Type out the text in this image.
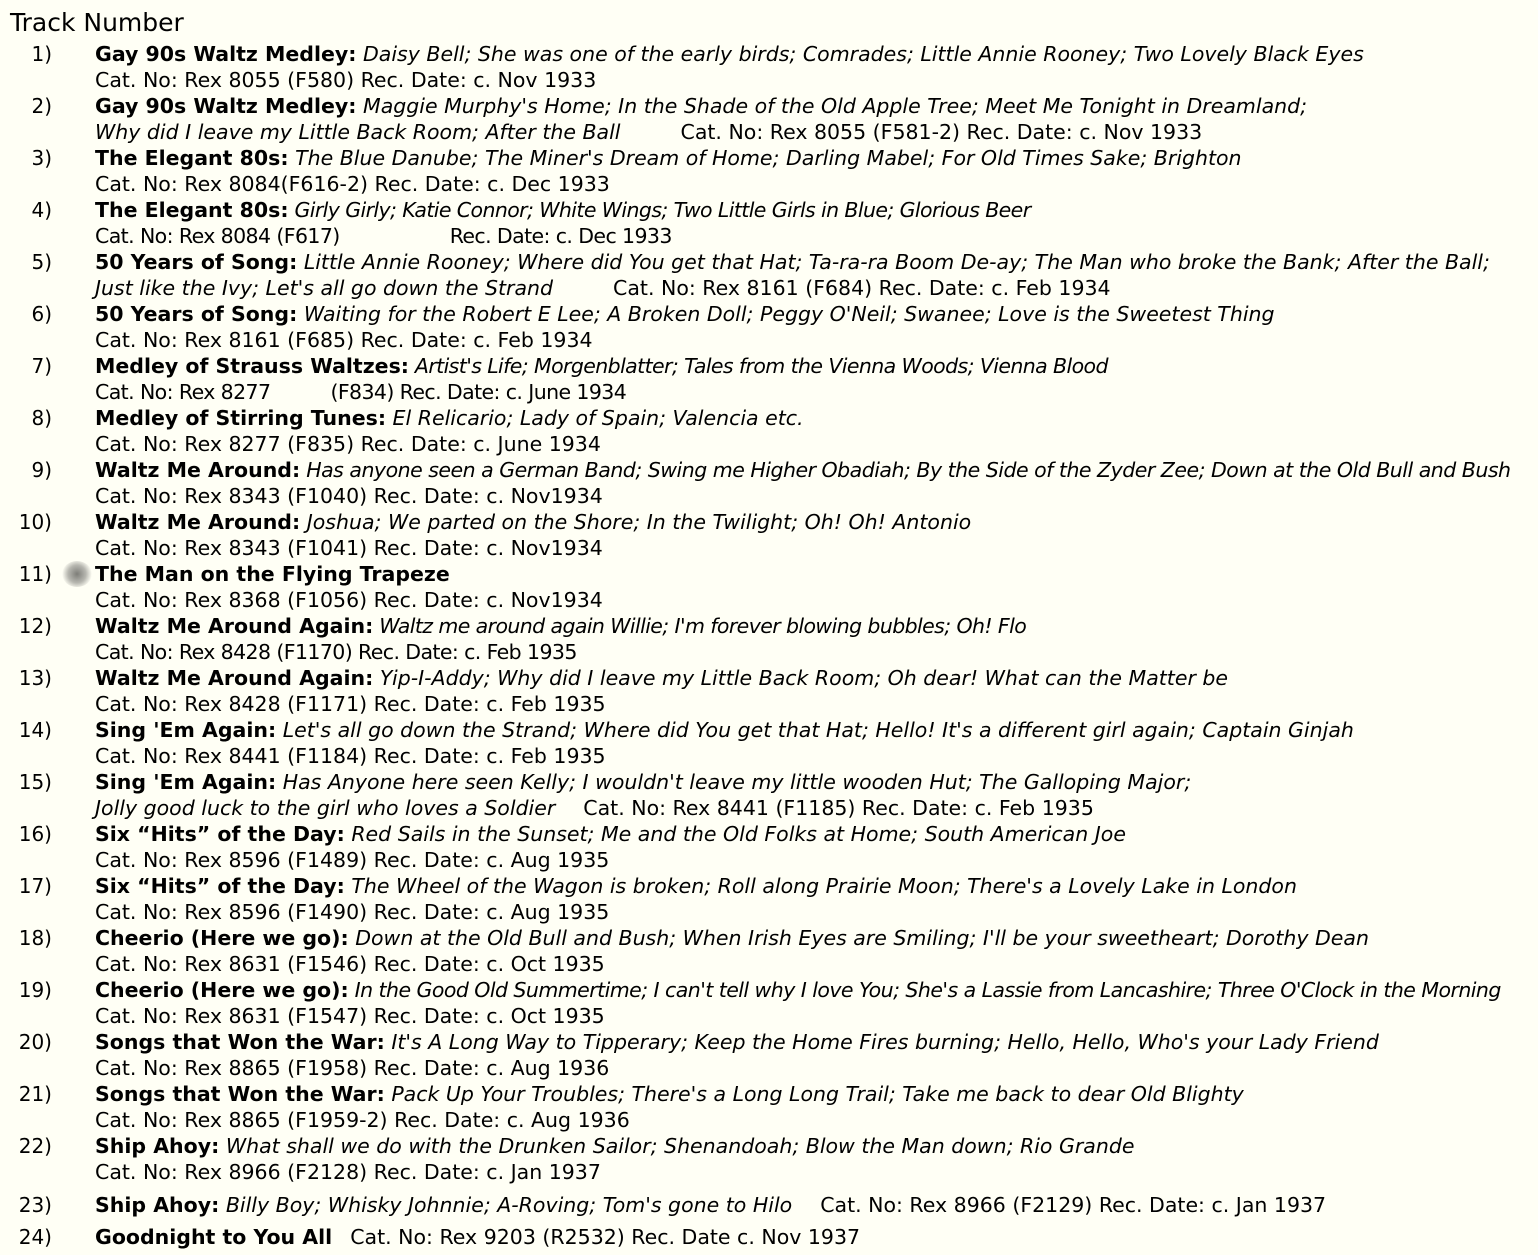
Track Number
1) Gay 90s Waltz Medley: Daisy Bell; She was one of the early birds; Comrades; Little Annie Rooney; Two Lovely Black Eyes
Cat. No: Rex 8055 (F580) Rec. Date: c. Nov 1933
2) Gay 90s Waltz Medley: Maggie Murphy's Home; In the Shade of the Old Apple Tree; Meet Me Tonight in Dreamland;
Why did I leave my Little Back Room; After the Ball	Cat. No: Rex 8055 (F581-2) Rec. Date: c. Nov 1933
3) The Elegant 80s: The Blue Danube; The Miner's Dream of Home; Darling Mabel; For Old Times Sake; Brighton
Cat. No: Rex 8084(F616-2) Rec. Date: c. Dec 1933
4) The Elegant 80s: Girly Girly; Katie Connor; White Wings; Two Little Girls in Blue; Glorious Beer
Cat. No: Rex 8084 (F617)	Rec. Date: c. Dec 1933
5) 50 Years of Song: Little Annie Rooney; Where did You get that Hat; Ta-ra-ra Boom De-ay; The Man who broke the Bank; After the Ball;
Just like the Ivy; Let's all go down the Strand	Cat. No: Rex 8161 (F684) Rec. Date: c. Feb 1934
6) 50 Years of Song: Waiting for the Robert E Lee; A Broken Doll; Peggy O'Neil; Swanee; Love is the Sweetest Thing
Cat. No: Rex 8161 (F685) Rec. Date: c. Feb 1934
7) Medley of Strauss Waltzes: Artist's Life; Morgenblatter; Tales from the Vienna Woods; Vienna Blood
Cat. No: Rex 8277	(F834) Rec. Date: c. June 1934
8) Medley of Stirring Tunes: El Relicario; Lady of Spain; Valencia etc.
Cat. No: Rex 8277 (F835) Rec. Date: c. June 1934
9) Waltz Me Around: Has anyone seen a German Band; Swing me Higher Obadiah; By the Side of the Zyder Zee; Down at the Old Bull and Bush
Cat. No: Rex 8343 (F1040) Rec. Date: c. Nov1934
10) Waltz Me Around: Joshua; We parted on the Shore; In the Twilight; Oh! Oh! Antonio
Cat. No: Rex 8343 (F1041) Rec. Date: c. Nov1934
11) The Man on the Flying Trapeze
Cat. No: Rex 8368 (F1056) Rec. Date: c. Nov1934
12) Waltz Me Around Again: Waltz me around again Willie; I'm forever blowing bubbles; Oh! Flo
Cat. No: Rex 8428 (F1170) Rec. Date: c. Feb 1935
13) Waltz Me Around Again: Yip-I-Addy; Why did I leave my Little Back Room; Oh dear! What can the Matter be
Cat. No: Rex 8428 (F1171) Rec. Date: c. Feb 1935
14) Sing 'Em Again: Let's all go down the Strand; Where did You get that Hat; Hello! It's a different girl again; Captain Ginjah
Cat. No: Rex 8441 (F1184) Rec. Date: c. Feb 1935
15) Sing 'Em Again: Has Anyone here seen Kelly; I wouldn't leave my little wooden Hut; The Galloping Major;
Jolly good luck to the girl who loves a Soldier Cat. No: Rex 8441 (F1185) Rec. Date: c. Feb 1935
16) Six “Hits” of the Day: Red Sails in the Sunset; Me and the Old Folks at Home; South American Joe
Cat. No: Rex 8596 (F1489) Rec. Date: c. Aug 1935
17) Six “Hits” of the Day: The Wheel of the Wagon is broken; Roll along Prairie Moon; There's a Lovely Lake in London
Cat. No: Rex 8596 (F1490) Rec. Date: c. Aug 1935
18) Cheerio (Here we go): Down at the Old Bull and Bush; When Irish Eyes are Smiling; I'll be your sweetheart; Dorothy Dean
Cat. No: Rex 8631 (F1546) Rec. Date: c. Oct 1935
19) Cheerio (Here we go): In the Good Old Summertime; I can't tell why I love You; She's a Lassie from Lancashire; Three O'Clock in the Morning
Cat. No: Rex 8631 (F1547) Rec. Date: c. Oct 1935
20) Songs that Won the War: It's A Long Way to Tipperary; Keep the Home Fires burning; Hello, Hello, Who's your Lady Friend
Cat. No: Rex 8865 (F1958) Rec. Date: c. Aug 1936
21) Songs that Won the War: Pack Up Your Troubles; There's a Long Long Trail; Take me back to dear Old Blighty
Cat. No: Rex 8865 (F1959-2) Rec. Date: c. Aug 1936
22) Ship Ahoy: What shall we do with the Drunken Sailor; Shenandoah; Blow the Man down; Rio Grande
Cat. No: Rex 8966 (F2128) Rec. Date: c. Jan 1937
23) Ship Ahoy: Billy Boy; Whisky Johnnie; A-Roving; Tom's gone to Hilo Cat. No: Rex 8966 (F2129) Rec. Date: c. Jan 1937
24) Goodnight to You All Cat. No: Rex 9203 (R2532) Rec. Date c. Nov 1937
